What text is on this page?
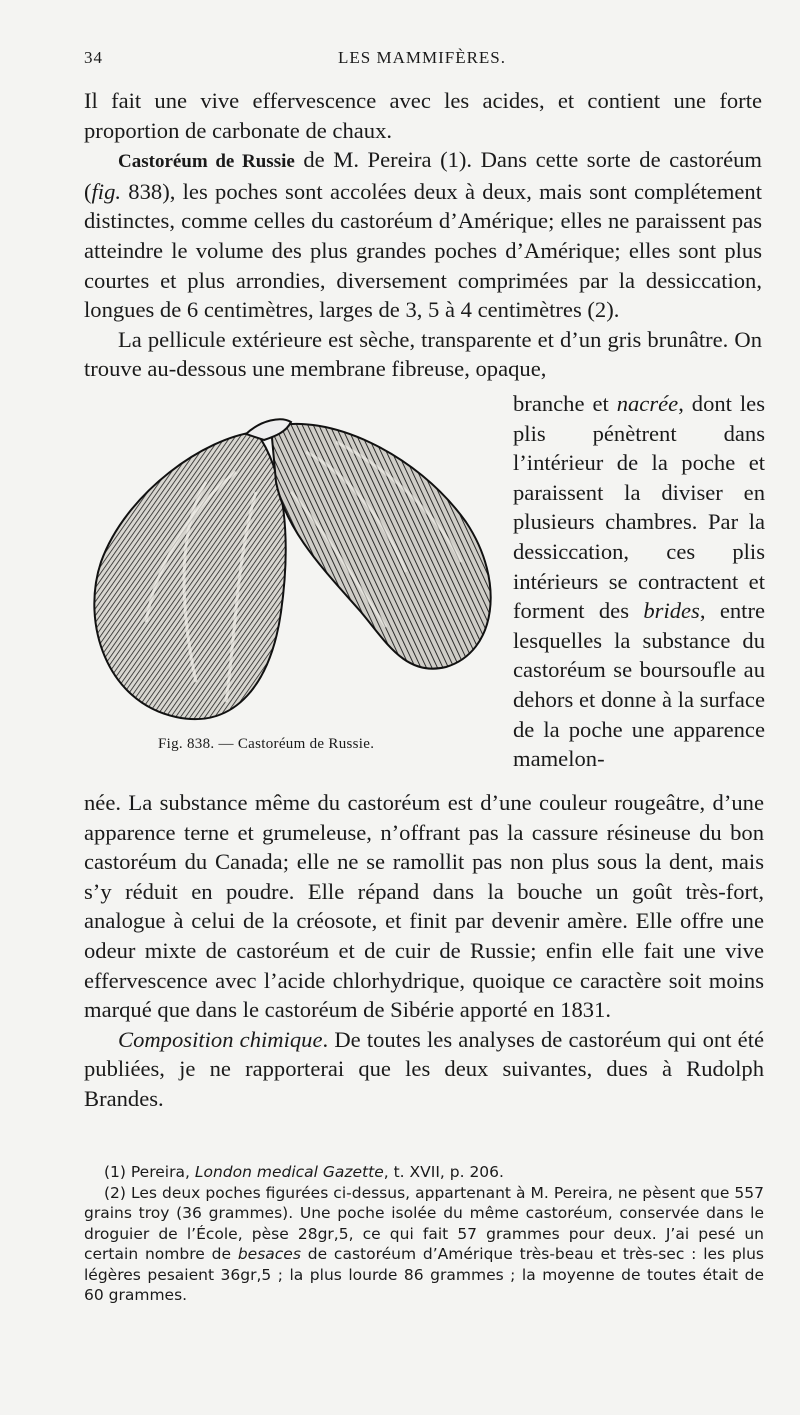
34	LES MAMMIFÈRES.

Il fait une vive effervescence avec les acides, et contient une forte proportion de carbonate de chaux.

Castoréum de Russie de M. Pereira (1). Dans cette sorte de castoréum (fig. 838), les poches sont accolées deux à deux, mais sont complétement distinctes, comme celles du castoréum d’Amérique; elles ne paraissent pas atteindre le volume des plus grandes poches d’Amérique; elles sont plus courtes et plus arrondies, diversement comprimées par la dessiccation, longues de 6 centimètres, larges de 3, 5 à 4 centimètres (2).

La pellicule extérieure est sèche, transparente et d’un gris brunâtre. On trouve au-dessous une membrane fibreuse, opaque,

Fig. 838. — Castoréum de Russie.

branche et nacrée, dont les plis pénètrent dans l’intérieur de la poche et paraissent la diviser en plusieurs chambres. Par la dessiccation, ces plis intérieurs se contractent et forment des brides, entre lesquelles la substance du castoréum se boursoufle au dehors et donne à la surface de la poche une apparence mamelon-

née. La substance même du castoréum est d’une couleur rougeâtre, d’une apparence terne et grumeleuse, n’offrant pas la cassure résineuse du bon castoréum du Canada; elle ne se ramollit pas non plus sous la dent, mais s’y réduit en poudre. Elle répand dans la bouche un goût très-fort, analogue à celui de la créosote, et finit par devenir amère. Elle offre une odeur mixte de castoréum et de cuir de Russie; enfin elle fait une vive effervescence avec l’acide chlorhydrique, quoique ce caractère soit moins marqué que dans le castoréum de Sibérie apporté en 1831.

Composition chimique. De toutes les analyses de castoréum qui ont été publiées, je ne rapporterai que les deux suivantes, dues à Rudolph Brandes.

(1) Pereira, London medical Gazette, t. XVII, p. 206.

(2) Les deux poches figurées ci-dessus, appartenant à M. Pereira, ne pèsent que 557 grains troy (36 grammes). Une poche isolée du même castoréum, conservée dans le droguier de l’École, pèse 28gr,5, ce qui fait 57 grammes pour deux. J’ai pesé un certain nombre de besaces de castoréum d’Amérique très-beau et très-sec : les plus légères pesaient 36gr,5 ; la plus lourde 86 grammes ; la moyenne de toutes était de 60 grammes.
